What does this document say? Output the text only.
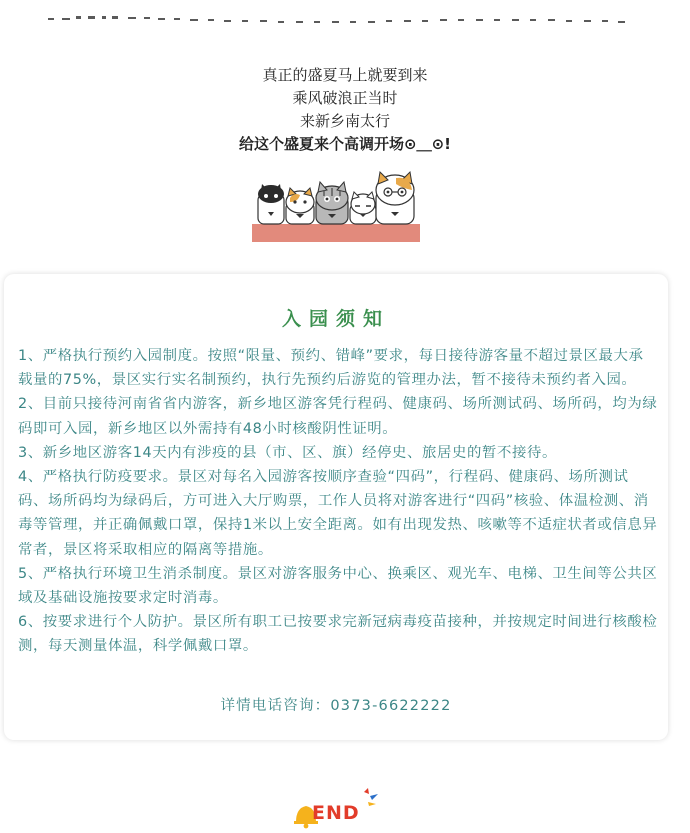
真正的盛夏马上就要到来
乘风破浪正当时
来新乡南太行
给这个盛夏来个高调开场⊙＿⊙!
入园须知

1、严格执行预约入园制度。按照“限量、预约、错峰”要求，每日接待游客量不超过景区最大承载量的75%，景区实行实名制预约，执行先预约后游览的管理办法，暂不接待未预约者入园。

2、目前只接待河南省省内游客，新乡地区游客凭行程码、健康码、场所测试码、场所码，均为绿码即可入园，新乡地区以外需持有48小时核酸阴性证明。

3、新乡地区游客14天内有涉疫的县（市、区、旗）经停史、旅居史的暂不接待。

4、严格执行防疫要求。景区对每名入园游客按顺序查验“四码”，行程码、健康码、场所测试码、场所码均为绿码后，方可进入大厅购票，工作人员将对游客进行“四码”核验、体温检测、消毒等管理，并正确佩戴口罩，保持1米以上安全距离。如有出现发热、咳嗽等不适症状者或信息异常者，景区将采取相应的隔离等措施。

5、严格执行环境卫生消杀制度。景区对游客服务中心、换乘区、观光车、电梯、卫生间等公共区域及基础设施按要求定时消毒。

6、按要求进行个人防护。景区所有职工已按要求完新冠病毒疫苗接种，并按规定时间进行核酸检测，每天测量体温，科学佩戴口罩。

详情电话咨询：0373-6622222
END
